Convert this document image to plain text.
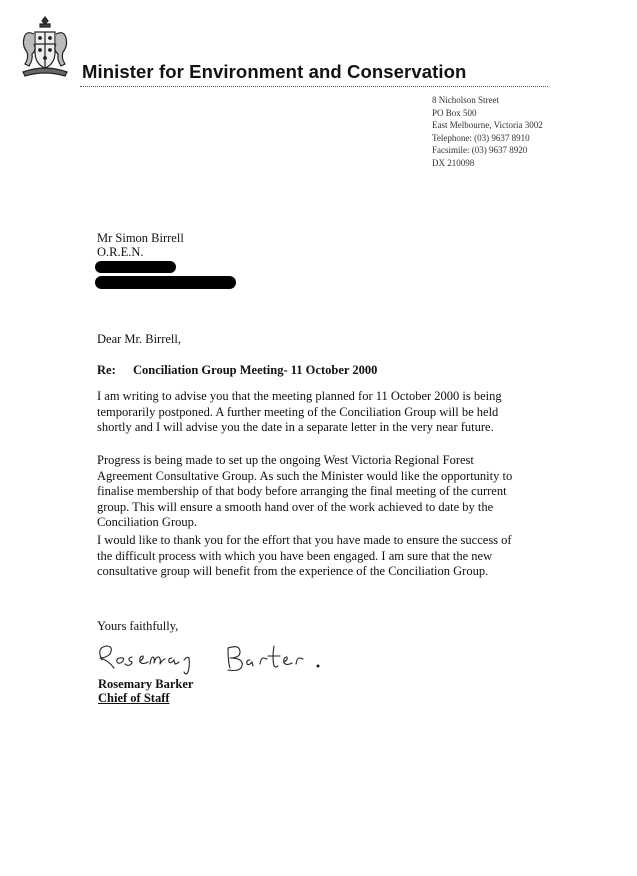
Minister for Environment and Conservation
8 Nicholson Street
PO Box 500
East Melbourne, Victoria 3002
Telephone: (03) 9637 8910
Facsimile: (03) 9637 8920
DX 210098
Mr Simon Birrell
O.R.E.N.
Dear Mr. Birrell,
Re: Conciliation Group Meeting- 11 October 2000

I am writing to advise you that the meeting planned for 11 October 2000 is being
temporarily postponed. A further meeting of the Conciliation Group will be held
shortly and I will advise you the date in a separate letter in the very near future.

Progress is being made to set up the ongoing West Victoria Regional Forest
Agreement Consultative Group. As such the Minister would like the opportunity to
finalise membership of that body before arranging the final meeting of the current
group. This will ensure a smooth hand over of the work achieved to date by the
Conciliation Group.

I would like to thank you for the effort that you have made to ensure the success of
the difficult process with which you have been engaged. I am sure that the new
consultative group will benefit from the experience of the Conciliation Group.

Yours faithfully,
Rosemary Barker
Chief of Staff
